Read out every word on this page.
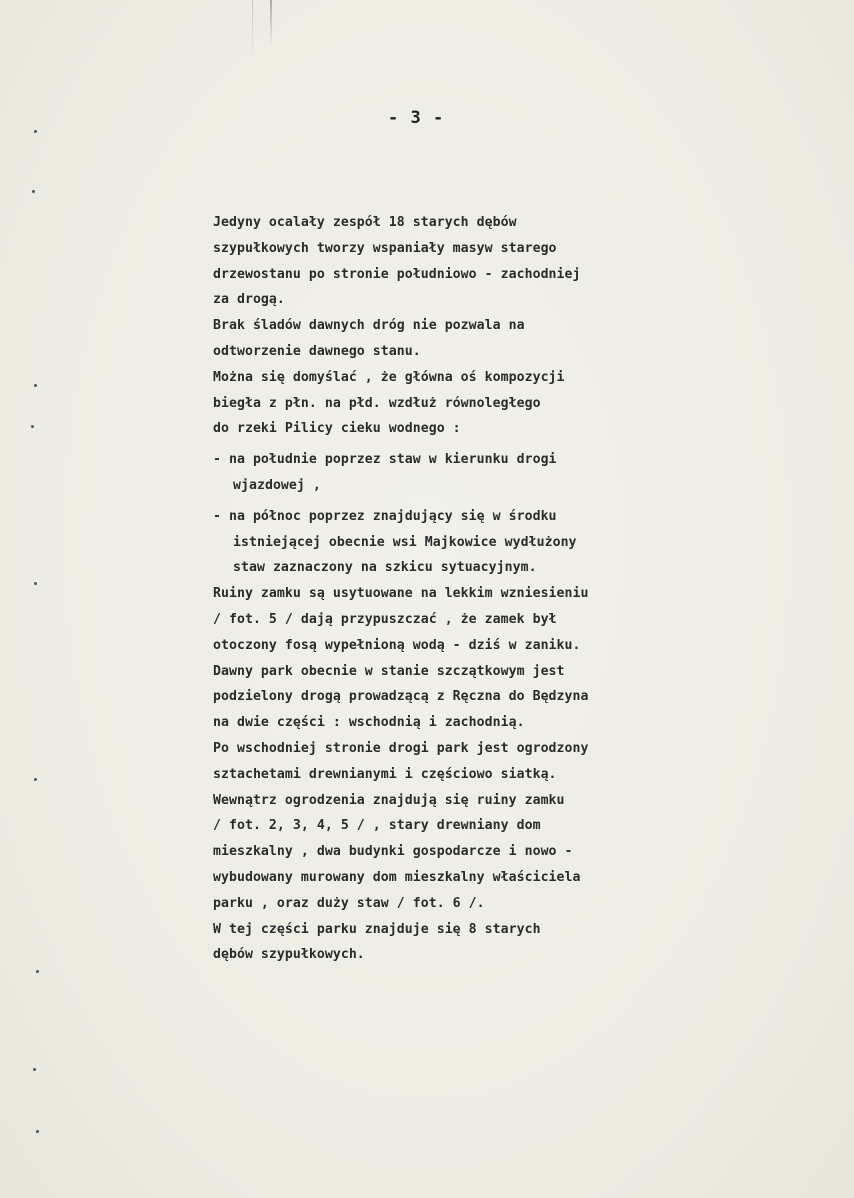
- 3 -
Jedyny ocalały zespół 18 starych dębów
szypułkowych tworzy wspaniały masyw starego
drzewostanu po stronie południowo - zachodniej
za drogą.
Brak śladów dawnych dróg nie pozwala na
odtworzenie dawnego stanu.
Można się domyślać , że główna oś kompozycji
biegła z płn. na płd. wzdłuż równoległego
do rzeki Pilicy cieku wodnego :
- na południe poprzez staw w kierunku drogi
wjazdowej ,
- na północ poprzez znajdujący się w środku
istniejącej obecnie wsi Majkowice wydłużony
staw zaznaczony na szkicu sytuacyjnym.
Ruiny zamku są usytuowane na lekkim wzniesieniu
/ fot. 5 / dają przypuszczać , że zamek był
otoczony fosą wypełnioną wodą - dziś w zaniku.
Dawny park obecnie w stanie szczątkowym jest
podzielony drogą prowadzącą z Ręczna do Będzyna
na dwie części : wschodnią i zachodnią.
Po wschodniej stronie drogi park jest ogrodzony
sztachetami drewnianymi i częściowo siatką.
Wewnątrz ogrodzenia znajdują się ruiny zamku
/ fot. 2, 3, 4, 5 / , stary drewniany dom
mieszkalny , dwa budynki gospodarcze i nowo -
wybudowany murowany dom mieszkalny właściciela
parku , oraz duży staw / fot. 6 /.
W tej części parku znajduje się 8 starych
dębów szypułkowych.
